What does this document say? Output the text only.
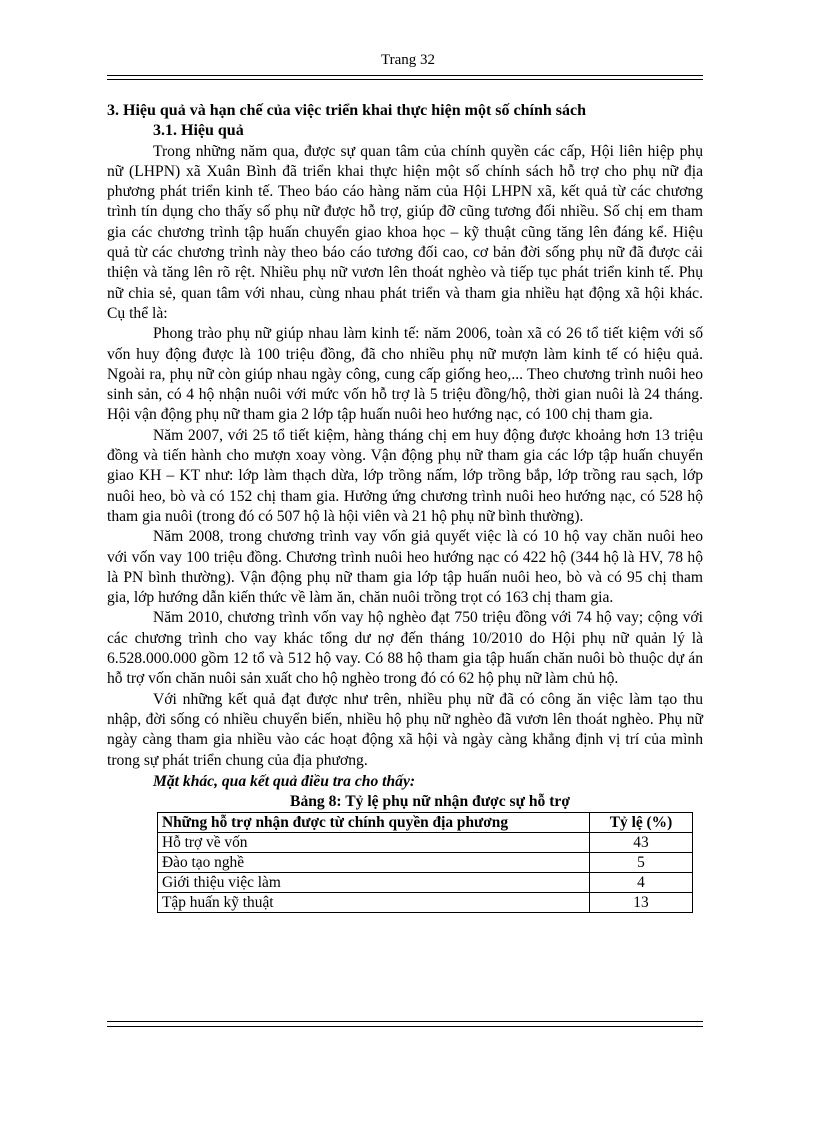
Trang 32
3. Hiệu quả và hạn chế của việc triển khai thực hiện một số chính sách
3.1. Hiệu quả

Trong những năm qua, được sự quan tâm của chính quyền các cấp, Hội liên hiệp phụ nữ (LHPN) xã Xuân Bình đã triển khai thực hiện một số chính sách hỗ trợ cho phụ nữ địa phương phát triển kinh tế. Theo báo cáo hàng năm của Hội LHPN xã, kết quả từ các chương trình tín dụng cho thấy số phụ nữ được hỗ trợ, giúp đỡ cũng tương đối nhiều. Số chị em tham gia các chương trình tập huấn chuyển giao khoa học – kỹ thuật cũng tăng lên đáng kể. Hiệu quả từ các chương trình này theo báo cáo tương đối cao, cơ bản đời sống phụ nữ đã được cải thiện và tăng lên rõ rệt. Nhiều phụ nữ vươn lên thoát nghèo và tiếp tục phát triển kinh tế. Phụ nữ chia sẻ, quan tâm với nhau, cùng nhau phát triển và tham gia nhiều hạt động xã hội khác. Cụ thể là:

Phong trào phụ nữ giúp nhau làm kinh tế: năm 2006, toàn xã có 26 tổ tiết kiệm với số vốn huy động được là 100 triệu đồng, đã cho nhiều phụ nữ mượn làm kinh tế có hiệu quả. Ngoài ra, phụ nữ còn giúp nhau ngày công, cung cấp giống heo,... Theo chương trình nuôi heo sinh sản, có 4 hộ nhận nuôi với mức vốn hỗ trợ là 5 triệu đồng/hộ, thời gian nuôi là 24 tháng. Hội vận động phụ nữ tham gia 2 lớp tập huấn nuôi heo hướng nạc, có 100 chị tham gia.

Năm 2007, với 25 tổ tiết kiệm, hàng tháng chị em huy động được khoảng hơn 13 triệu đồng và tiến hành cho mượn xoay vòng. Vận động phụ nữ tham gia các lớp tập huấn chuyển giao KH – KT như: lớp làm thạch dừa, lớp trồng nấm, lớp trồng bắp, lớp trồng rau sạch, lớp nuôi heo, bò và có 152 chị tham gia. Hưởng ứng chương trình nuôi heo hướng nạc, có 528 hộ tham gia nuôi (trong đó có 507 hộ là hội viên và 21 hộ phụ nữ bình thường).

Năm 2008, trong chương trình vay vốn giả quyết việc là có 10 hộ vay chăn nuôi heo với vốn vay 100 triệu đồng. Chương trình nuôi heo hướng nạc có 422 hộ (344 hộ là HV, 78 hộ là PN bình thường). Vận động phụ nữ tham gia lớp tập huấn nuôi heo, bò và có 95 chị tham gia, lớp hướng dẫn kiến thức về làm ăn, chăn nuôi trồng trọt có 163 chị tham gia.

Năm 2010, chương trình vốn vay hộ nghèo đạt 750 triệu đồng với 74 hộ vay; cộng với các chương trình cho vay khác tổng dư nợ đến tháng 10/2010 do Hội phụ nữ quản lý là 6.528.000.000 gồm 12 tổ và 512 hộ vay. Có 88 hộ tham gia tập huấn chăn nuôi bò thuộc dự án hỗ trợ vốn chăn nuôi sản xuất cho hộ nghèo trong đó có 62 hộ phụ nữ làm chủ hộ.

Với những kết quả đạt được như trên, nhiều phụ nữ đã có công ăn việc làm tạo thu nhập, đời sống có nhiều chuyển biến, nhiều hộ phụ nữ nghèo đã vươn lên thoát nghèo. Phụ nữ ngày càng tham gia nhiều vào các hoạt động xã hội và ngày càng khẳng định vị trí của mình trong sự phát triển chung của địa phương.

Mặt khác, qua kết quả điều tra cho thấy:
Bảng 8: Tỷ lệ phụ nữ nhận được sự hỗ trợ
Những hỗ trợ nhận được từ chính quyền địa phương	Tỷ lệ (%)
Hỗ trợ về vốn	43
Đào tạo nghề	5
Giới thiệu việc làm	4
Tập huấn kỹ thuật	13
